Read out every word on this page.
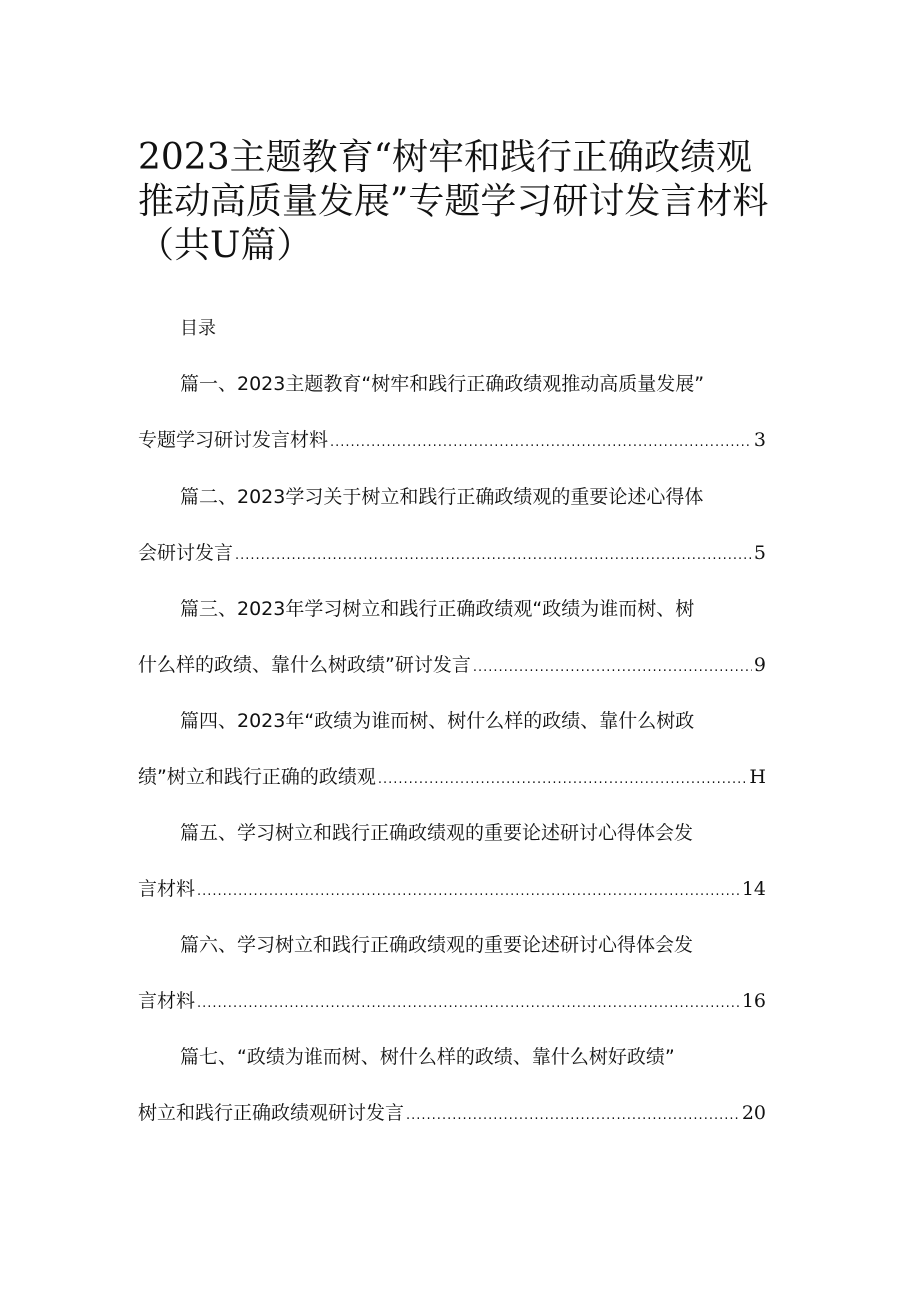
2023主题教育“树牢和践行正确政绩观推动高质量发展”专题学习研讨发言材料（共U篇）
目录
篇一、2023主题教育“树牢和践行正确政绩观推动高质量发展”
专题学习研讨发言材料 .....	3
篇二、2023学习关于树立和践行正确政绩观的重要论述心得体
会研讨发言 .....	5
篇三、2023年学习树立和践行正确政绩观“政绩为谁而树、树
什么样的政绩、靠什么树政绩”研讨发言 .....	9
篇四、2023年“政绩为谁而树、树什么样的政绩、靠什么树政
绩”树立和践行正确的政绩观 .....	H
篇五、学习树立和践行正确政绩观的重要论述研讨心得体会发
言材料 .....	14
篇六、学习树立和践行正确政绩观的重要论述研讨心得体会发
言材料 .....	16
篇七、“政绩为谁而树、树什么样的政绩、靠什么树好政绩”
树立和践行正确政绩观研讨发言 .....	20
